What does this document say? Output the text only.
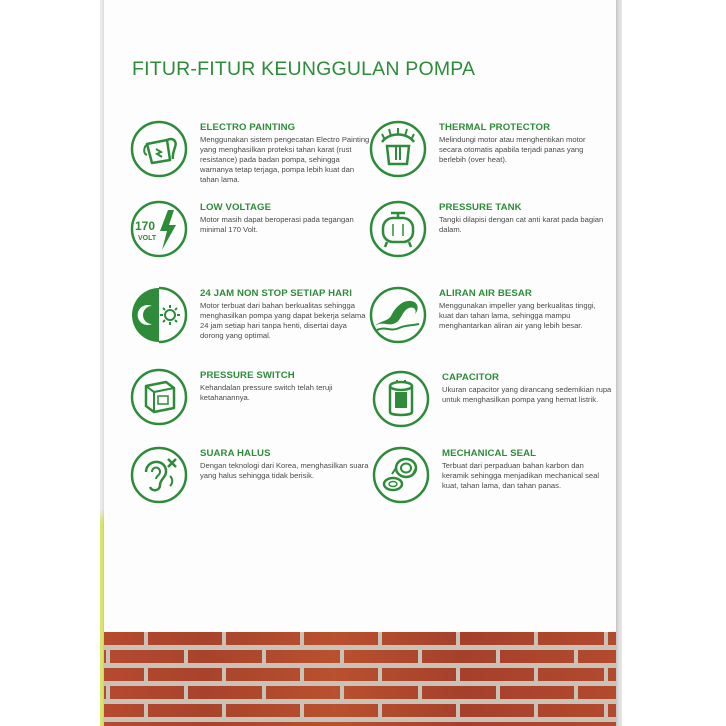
FITUR-FITUR KEUNGGULAN POMPA
ELECTRO PAINTING
Menggunakan sistem pengecatan Electro Painting yang menghasilkan proteksi tahan karat (rust resistance) pada badan pompa, sehingga warnanya tetap terjaga, pompa lebih kuat dan tahan lama.
THERMAL PROTECTOR
Melindungi motor atau menghentikan motor secara otomatis apabila terjadi panas yang berlebih (over heat).
170
VOLT
LOW VOLTAGE
Motor masih dapat beroperasi pada tegangan minimal 170 Volt.
PRESSURE TANK
Tangki dilapisi dengan cat anti karat pada bagian dalam.
24 JAM NON STOP SETIAP HARI
Motor terbuat dari bahan berkualitas sehingga menghasilkan pompa yang dapat bekerja selama 24 jam setiap hari tanpa henti, disertai daya dorong yang optimal.
ALIRAN AIR BESAR
Menggunakan impeller yang berkualitas tinggi, kuat dan tahan lama, sehingga mampu menghantarkan aliran air yang lebih besar.
PRESSURE SWITCH
Kehandalan pressure switch telah teruji ketahanannya.
CAPACITOR
Ukuran capacitor yang dirancang sedemikian rupa untuk menghasilkan pompa yang hemat listrik.
SUARA HALUS
Dengan teknologi dari Korea, menghasilkan suara yang halus sehingga tidak berisik.
MECHANICAL SEAL
Terbuat dari perpaduan bahan karbon dan keramik sehingga menjadikan mechanical seal kuat, tahan lama, dan tahan panas.
